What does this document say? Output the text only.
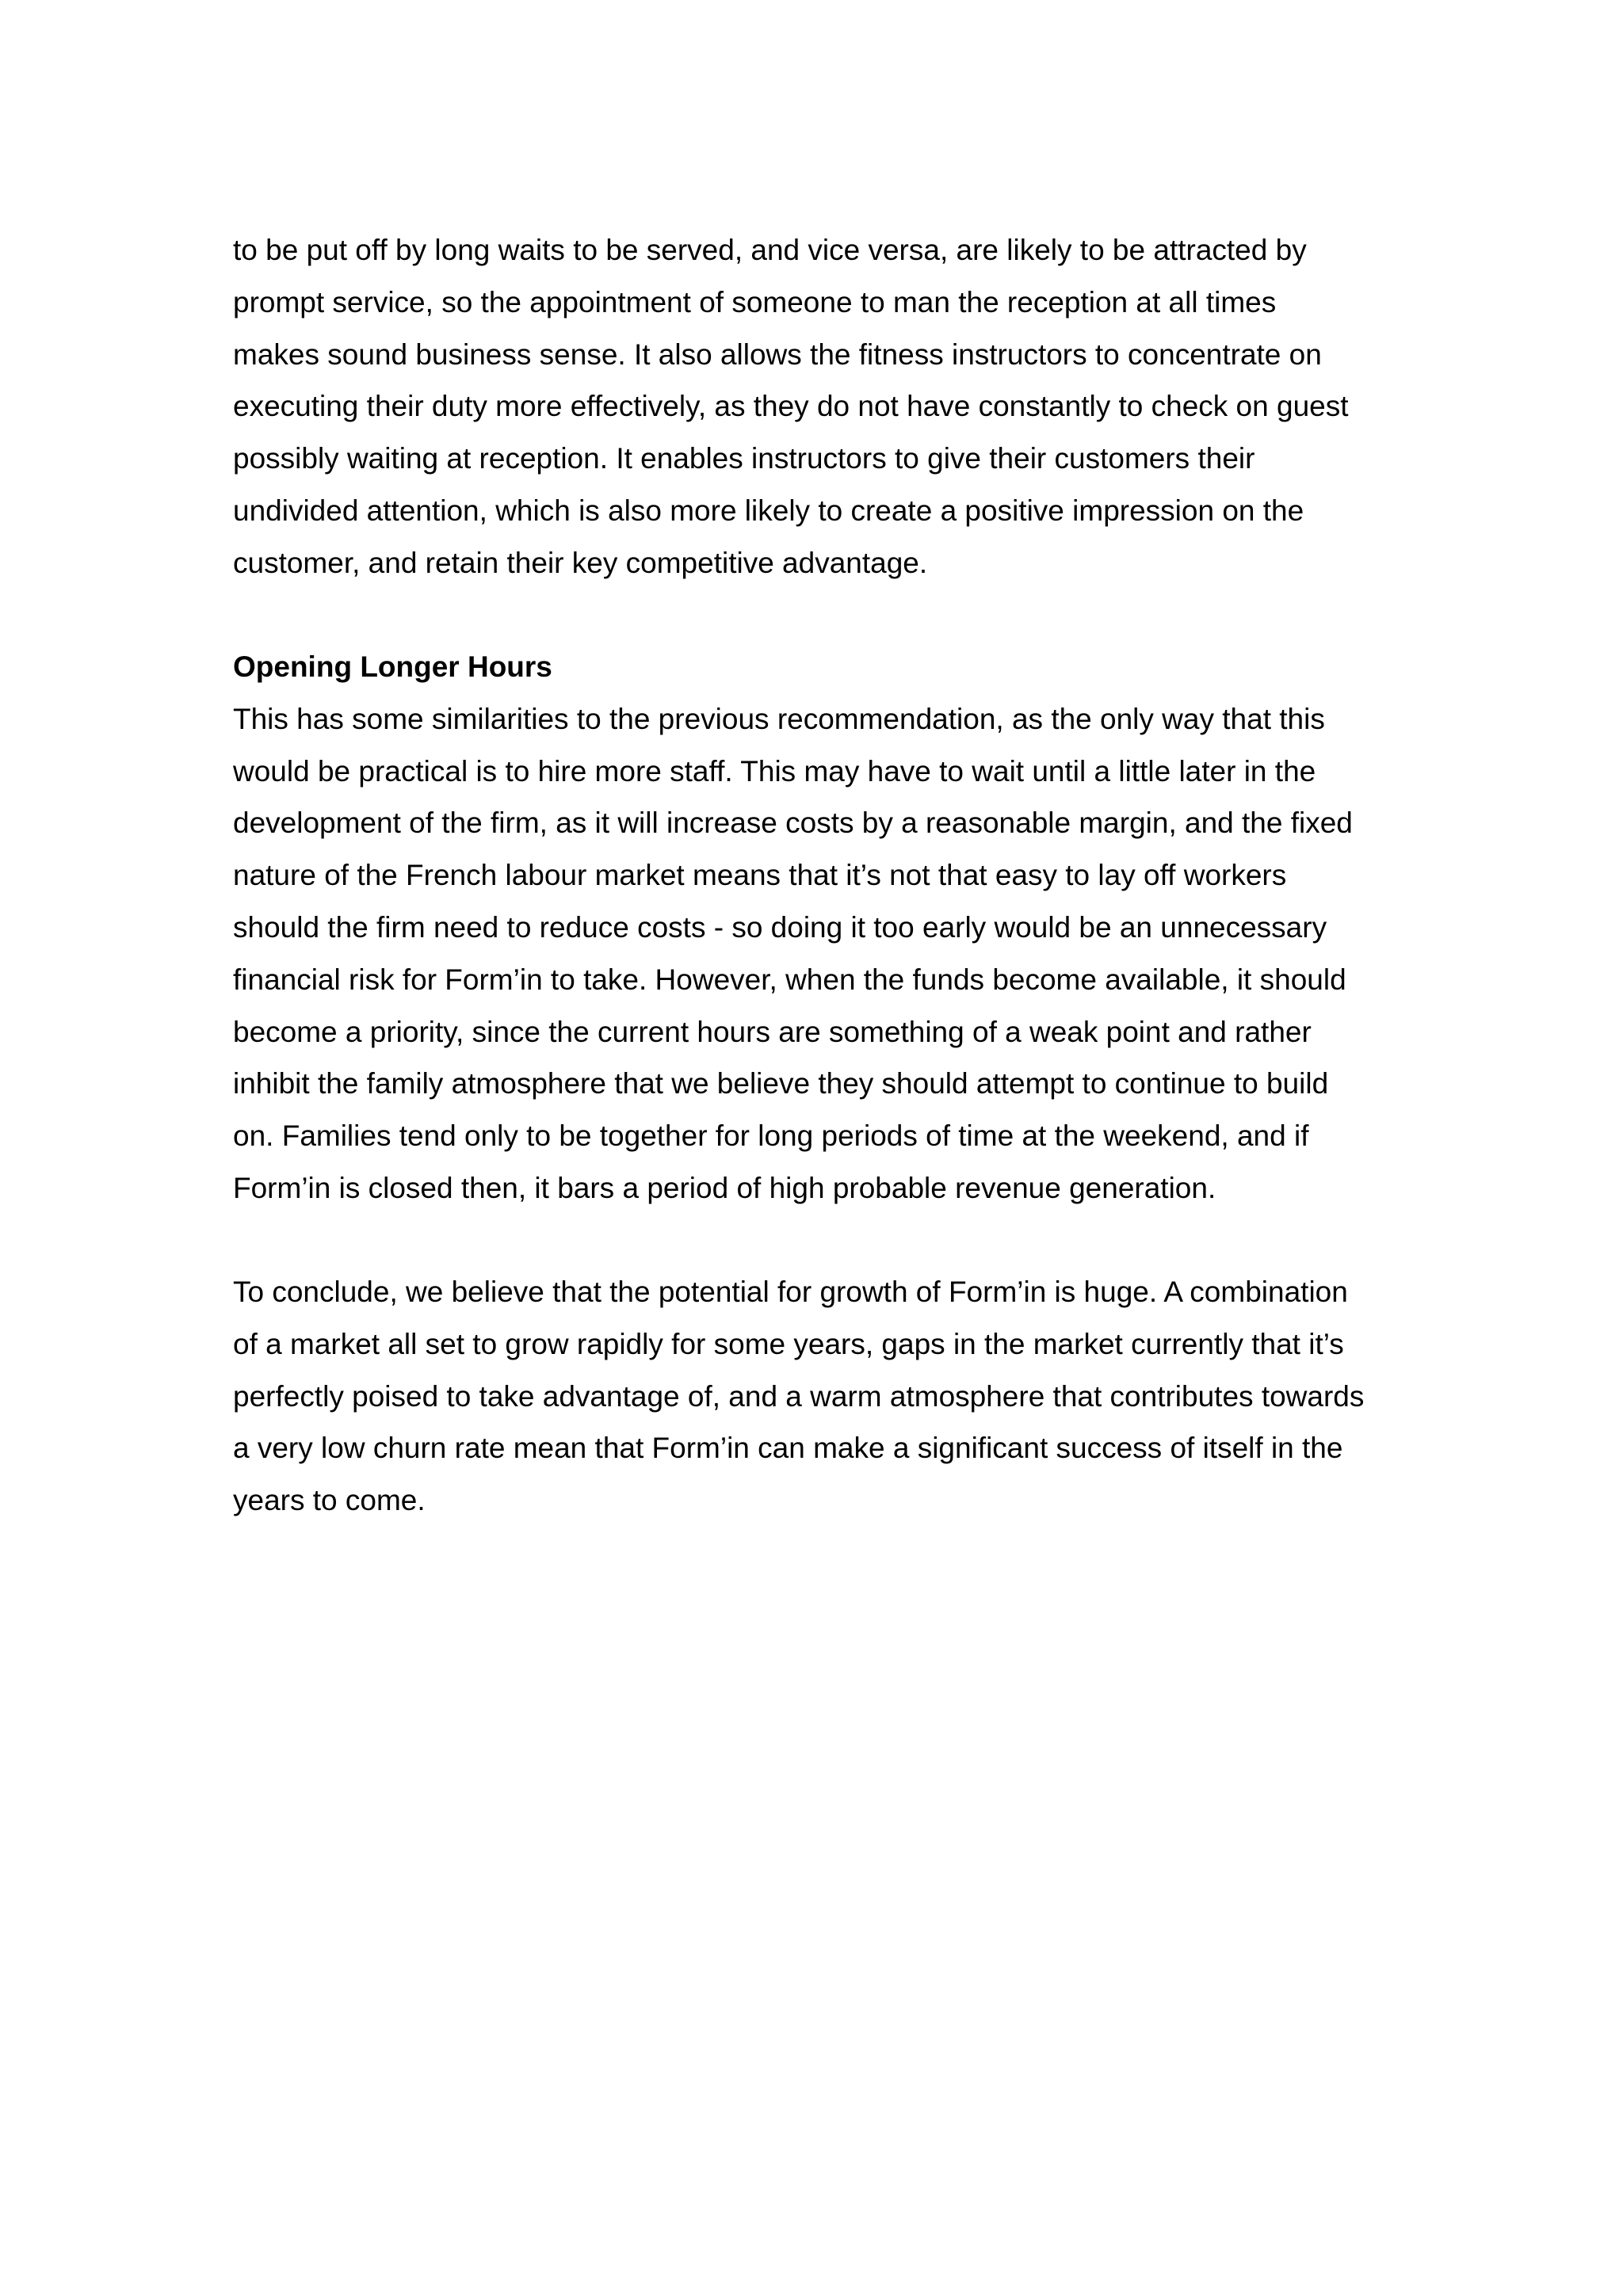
to be put off by long waits to be served, and vice versa, are likely to be attracted by
prompt service, so the appointment of someone to man the reception at all times
makes sound business sense. It also allows the fitness instructors to concentrate on
executing their duty more effectively, as they do not have constantly to check on guest
possibly waiting at reception. It enables instructors to give their customers their
undivided attention, which is also more likely to create a positive impression on the
customer, and retain their key competitive advantage.
Opening Longer Hours
This has some similarities to the previous recommendation, as the only way that this
would be practical is to hire more staff. This may have to wait until a little later in the
development of the firm, as it will increase costs by a reasonable margin, and the fixed
nature of the French labour market means that it’s not that easy to lay off workers
should the firm need to reduce costs - so doing it too early would be an unnecessary
financial risk for Form’in to take. However, when the funds become available, it should
become a priority, since the current hours are something of a weak point and rather
inhibit the family atmosphere that we believe they should attempt to continue to build
on. Families tend only to be together for long periods of time at the weekend, and if
Form’in is closed then, it bars a period of high probable revenue generation.
To conclude, we believe that the potential for growth of Form’in is huge. A combination
of a market all set to grow rapidly for some years, gaps in the market currently that it’s
perfectly poised to take advantage of, and a warm atmosphere that contributes towards
a very low churn rate mean that Form’in can make a significant success of itself in the
years to come.
